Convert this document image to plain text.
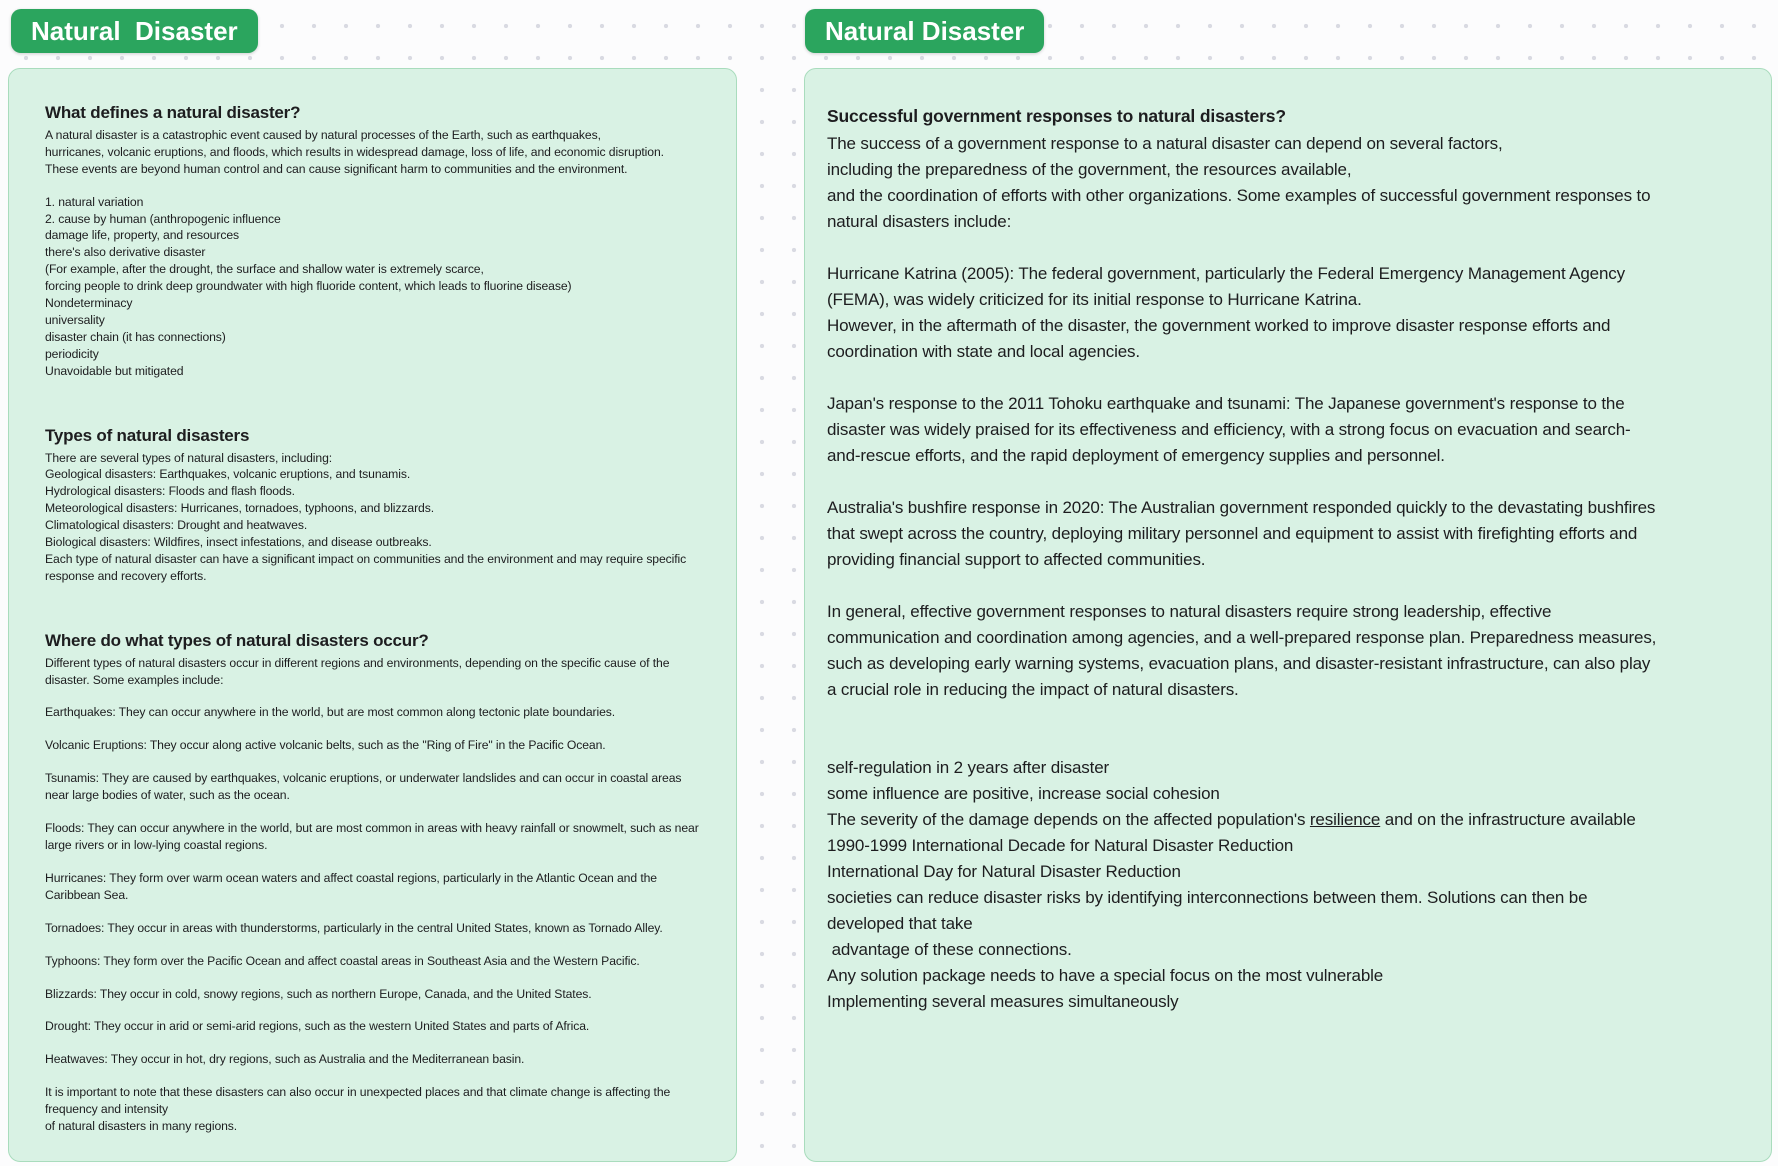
Natural  Disaster	Natural Disaster
What defines a natural disaster?
A natural disaster is a catastrophic event caused by natural processes of the Earth, such as earthquakes,
hurricanes, volcanic eruptions, and floods, which results in widespread damage, loss of life, and economic disruption.
These events are beyond human control and can cause significant harm to communities and the environment.
1. natural variation
2. cause by human (anthropogenic influence
damage life, property, and resources
there's also derivative disaster
(For example, after the drought, the surface and shallow water is extremely scarce,
forcing people to drink deep groundwater with high fluoride content, which leads to fluorine disease)
Nondeterminacy
universality
disaster chain (it has connections)
periodicity
Unavoidable but mitigated
Types of natural disasters
There are several types of natural disasters, including:
Geological disasters: Earthquakes, volcanic eruptions, and tsunamis.
Hydrological disasters: Floods and flash floods.
Meteorological disasters: Hurricanes, tornadoes, typhoons, and blizzards.
Climatological disasters: Drought and heatwaves.
Biological disasters: Wildfires, insect infestations, and disease outbreaks.
Each type of natural disaster can have a significant impact on communities and the environment and may require specific
response and recovery efforts.
Where do what types of natural disasters occur?
Different types of natural disasters occur in different regions and environments, depending on the specific cause of the
disaster. Some examples include:
Earthquakes: They can occur anywhere in the world, but are most common along tectonic plate boundaries.
Volcanic Eruptions: They occur along active volcanic belts, such as the "Ring of Fire" in the Pacific Ocean.
Tsunamis: They are caused by earthquakes, volcanic eruptions, or underwater landslides and can occur in coastal areas
near large bodies of water, such as the ocean.
Floods: They can occur anywhere in the world, but are most common in areas with heavy rainfall or snowmelt, such as near
large rivers or in low-lying coastal regions.
Hurricanes: They form over warm ocean waters and affect coastal regions, particularly in the Atlantic Ocean and the
Caribbean Sea.
Tornadoes: They occur in areas with thunderstorms, particularly in the central United States, known as Tornado Alley.
Typhoons: They form over the Pacific Ocean and affect coastal areas in Southeast Asia and the Western Pacific.
Blizzards: They occur in cold, snowy regions, such as northern Europe, Canada, and the United States.
Drought: They occur in arid or semi-arid regions, such as the western United States and parts of Africa.
Heatwaves: They occur in hot, dry regions, such as Australia and the Mediterranean basin.
It is important to note that these disasters can also occur in unexpected places and that climate change is affecting the
frequency and intensity
of natural disasters in many regions.
Successful government responses to natural disasters?
The success of a government response to a natural disaster can depend on several factors,
including the preparedness of the government, the resources available,
and the coordination of efforts with other organizations. Some examples of successful government responses to
natural disasters include:
Hurricane Katrina (2005): The federal government, particularly the Federal Emergency Management Agency
(FEMA), was widely criticized for its initial response to Hurricane Katrina.
However, in the aftermath of the disaster, the government worked to improve disaster response efforts and
coordination with state and local agencies.
Japan's response to the 2011 Tohoku earthquake and tsunami: The Japanese government's response to the
disaster was widely praised for its effectiveness and efficiency, with a strong focus on evacuation and search-
and-rescue efforts, and the rapid deployment of emergency supplies and personnel.
Australia's bushfire response in 2020: The Australian government responded quickly to the devastating bushfires
that swept across the country, deploying military personnel and equipment to assist with firefighting efforts and
providing financial support to affected communities.
In general, effective government responses to natural disasters require strong leadership, effective
communication and coordination among agencies, and a well-prepared response plan. Preparedness measures,
such as developing early warning systems, evacuation plans, and disaster-resistant infrastructure, can also play
a crucial role in reducing the impact of natural disasters.
self-regulation in 2 years after disaster
some influence are positive, increase social cohesion
The severity of the damage depends on the affected population's resilience and on the infrastructure available
1990-1999 International Decade for Natural Disaster Reduction
International Day for Natural Disaster Reduction
societies can reduce disaster risks by identifying interconnections between them. Solutions can then be
developed that take
advantage of these connections.
Any solution package needs to have a special focus on the most vulnerable
Implementing several measures simultaneously
